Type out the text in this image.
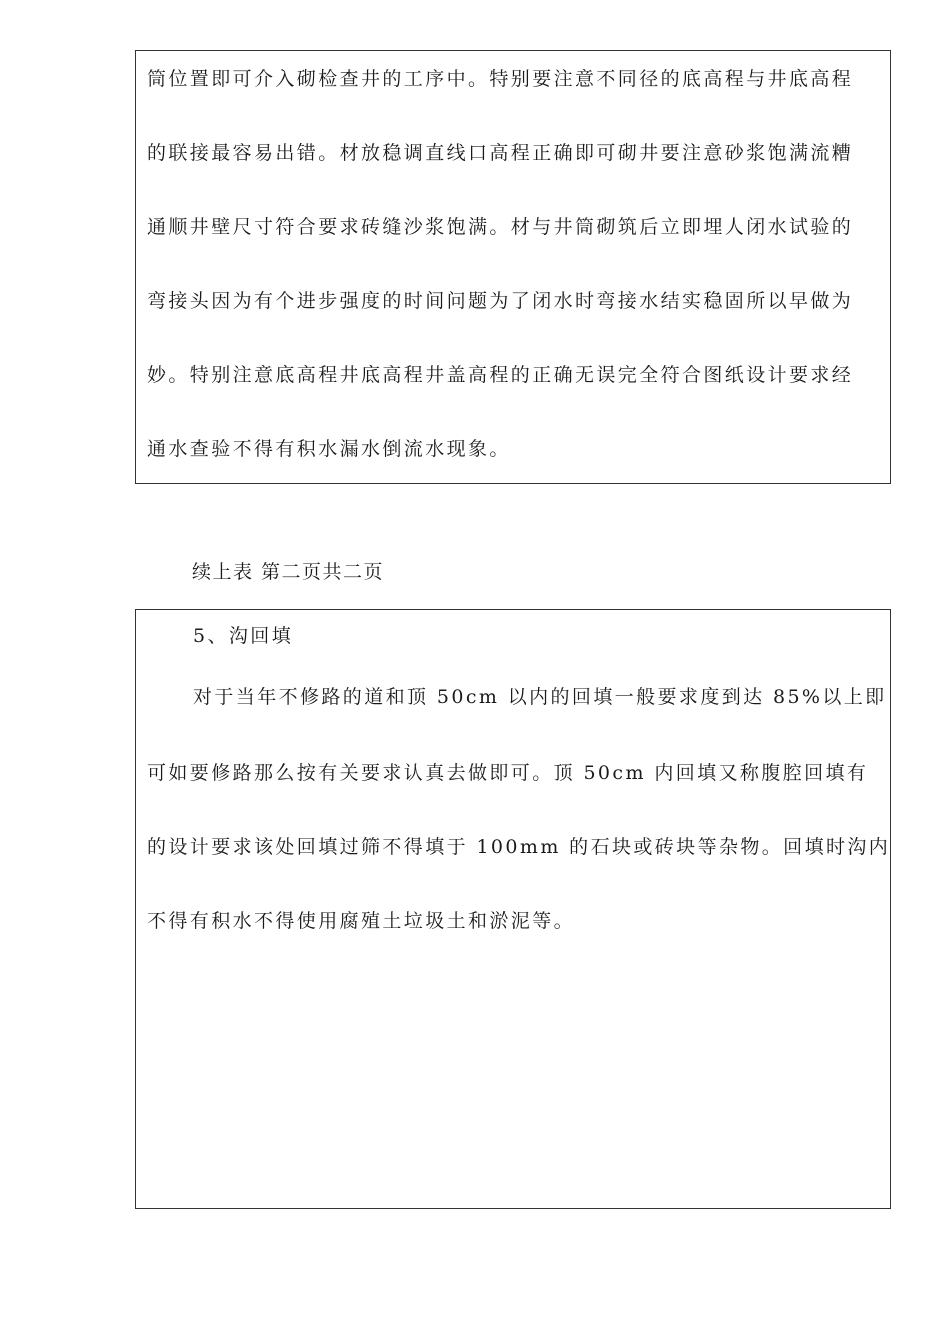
筒位置即可介入砌检查井的工序中。特别要注意不同径的底高程与井底高程
的联接最容易出错。材放稳调直线口高程正确即可砌井要注意砂浆饱满流糟
通顺井壁尺寸符合要求砖缝沙浆饱满。材与井筒砌筑后立即埋人闭水试验的
弯接头因为有个进步强度的时间问题为了闭水时弯接水结实稳固所以早做为
妙。特别注意底高程井底高程井盖高程的正确无误完全符合图纸设计要求经
通水查验不得有积水漏水倒流水现象。
续上表 第二页共二页
5、沟回填
对于当年不修路的道和顶 50cm 以内的回填一般要求度到达 85%以上即
可如要修路那么按有关要求认真去做即可。顶 50cm 内回填又称腹腔回填有
的设计要求该处回填过筛不得填于 100mm 的石块或砖块等杂物。回填时沟内
不得有积水不得使用腐殖土垃圾土和淤泥等。
